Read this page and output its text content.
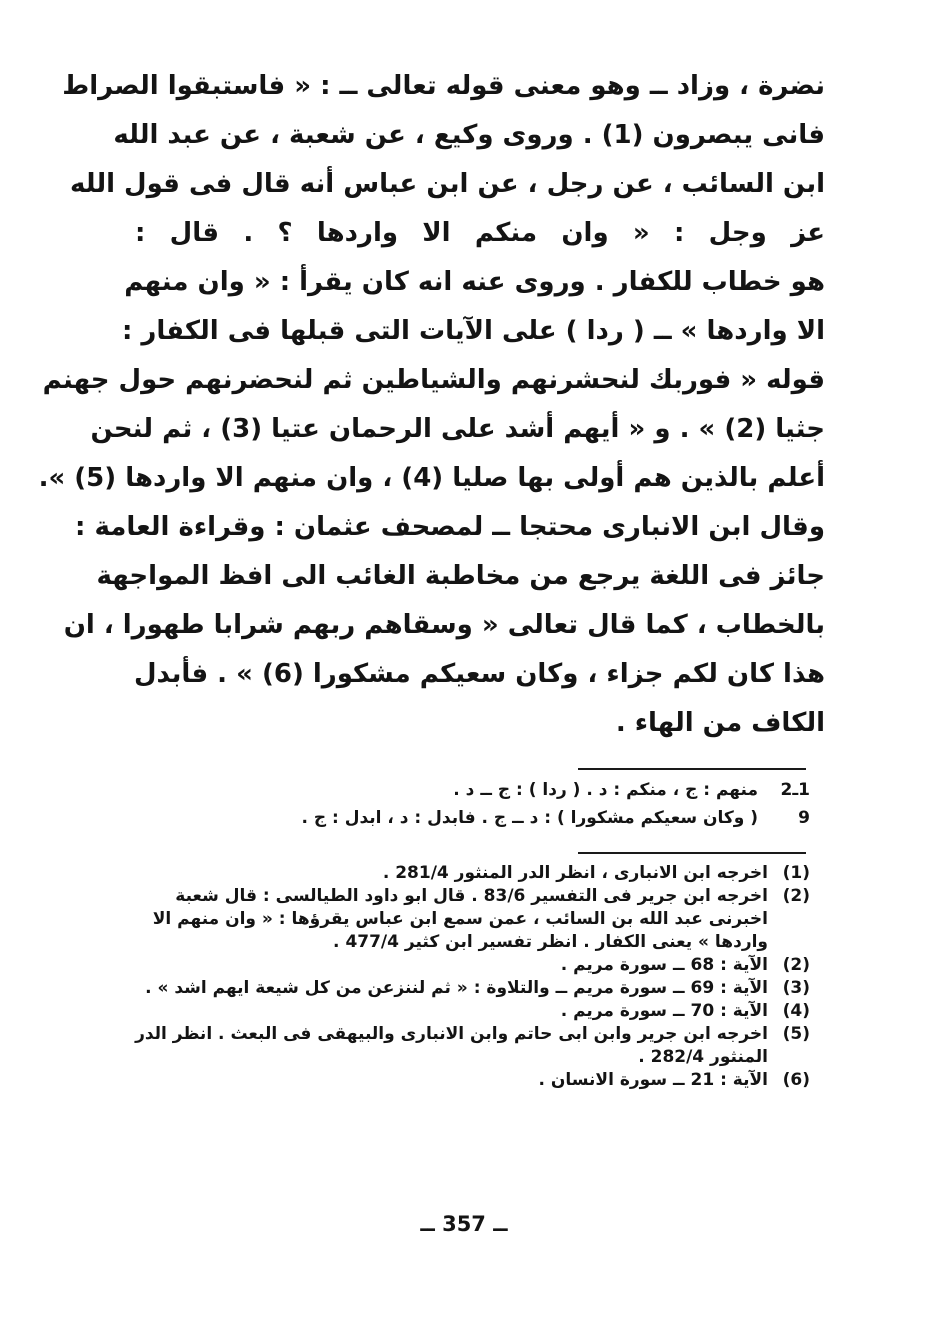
نضرة ، وزاد ــ وهو معنى قوله تعالى ــ : « فاستبقوا الصراط
فانى يبصرون (1) . وروى وكيع ، عن شعبة ، عن عبد الله
ابن السائب ، عن رجل ، عن ابن عباس أنه قال فى قول الله
عز وجل : « وان منكم الا واردها ؟ . قال :
هو خطاب للكفار . وروى عنه انه كان يقرأ : « وان منهم
الا واردها » ــ ( ردا ) على الآيات التى قبلها فى الكفار :
قوله « فوربك لنحشرنهم والشياطين ثم لنحضرنهم حول جهنم
جثيا (2) » . و « أيهم أشد على الرحمان عتيا (3) ، ثم لنحن
أعلم بالذين هم أولى بها صليا (4) ، وان منهم الا واردها (5) ».
وقال ابن الانبارى محتجا ــ لمصحف عثمان : وقراءة العامة :
جائز فى اللغة يرجع من مخاطبة الغائب الى افظ المواجهة
بالخطاب ، كما قال تعالى « وسقاهم ربهم شرابا طهورا ، ان
هذا كان لكم جزاء ، وكان سعيكم مشكورا (6) » . فأبدل
الكاف من الهاء .
1ـ2
منهم : ج ، منكم : د . ( ردا ) : ج ــ د .
9
( وكان سعيكم مشكورا ) : د ــ ج . فابدل : د ، ابدل : ج .
(1)
اخرجه ابن الانبارى ، انظر الدر المنثور 281/4 .
(2)
اخرجه ابن جرير فى التفسير 83/6 . قال ابو داود الطيالسى : قال شعبة اخبرنى عبد الله بن السائب ، عمن سمع ابن عباس يقرؤها : « وان منهم الا واردها » يعنى الكفار . انظر تفسير ابن كثير 477/4 .
(2)
الآية : 68 ــ سورة مريم .
(3)
الآية : 69 ــ سورة مريم ــ والتلاوة : « ثم لننزعن من كل شيعة ايهم اشد » .
(4)
الآية : 70 ــ سورة مريم .
(5)
اخرجه ابن جرير وابن ابى حاتم وابن الانبارى والبيهقى فى البعث . انظر الدر المنثور 282/4 .
(6)
الآية : 21 ــ سورة الانسان .
ــ 357 ــ
